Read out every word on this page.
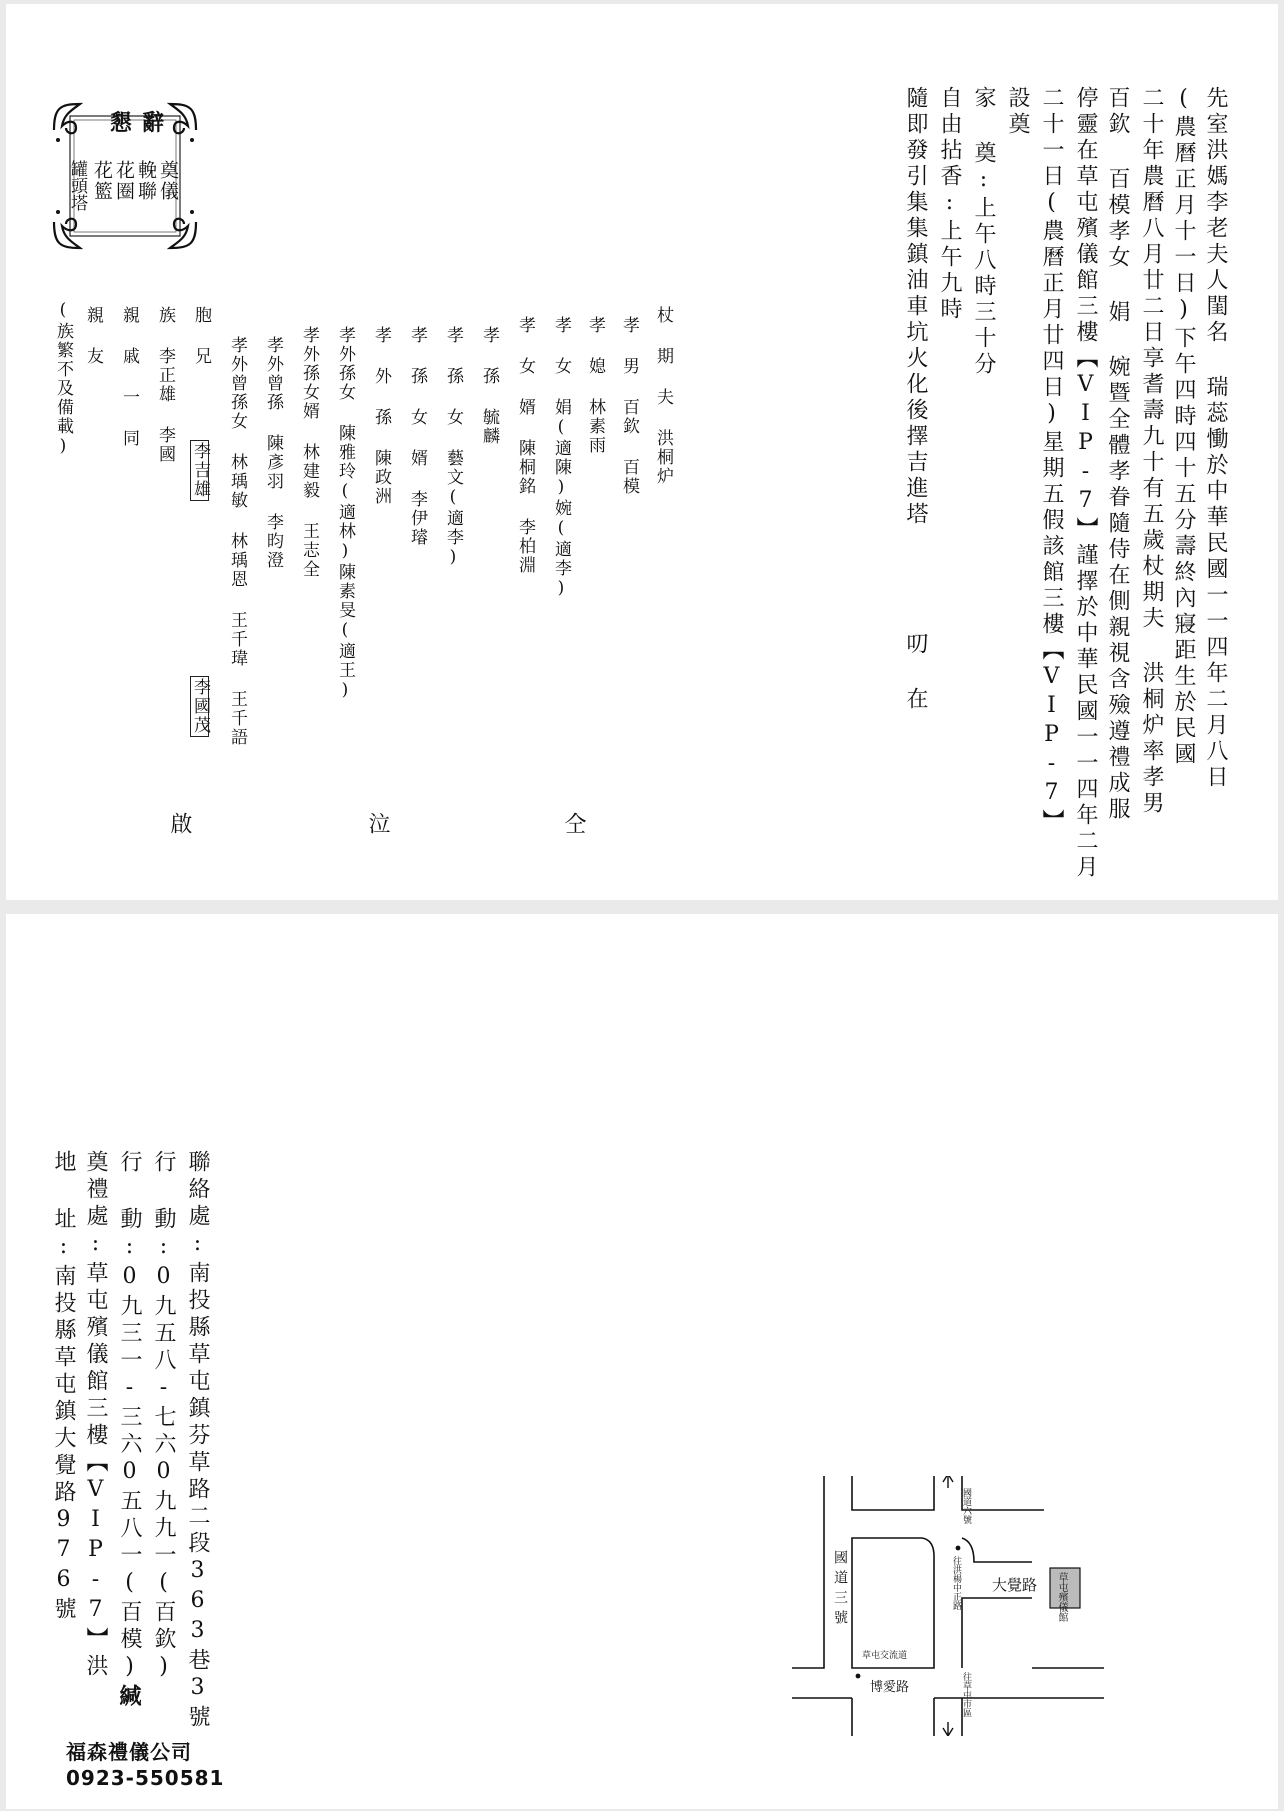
懇辭
奠儀
輓聯
花圈
花籃
罐頭塔	先室洪媽李老夫人閨名 瑞蕊慟於中華民國一一四年二月八日
(農曆正月十一日)下午四時四十五分壽終內寢距生於民國
二十年農曆八月廿二日享耆壽九十有五歲杖期夫 洪桐炉率孝男
百欽 百模孝女 娟 婉暨全體孝眷隨侍在側親視含殮遵禮成服
停靈在草屯殯儀館三樓【VIP-7】謹擇於中華民國一一四年二月
二十一日(農曆正月廿四日)星期五假該館三樓【VIP-7】
設奠
家 奠:上午八時三十分
自由拈香:上午九時
隨即發引集集鎮油車坑火化後擇吉進塔
叨 在
杖 期 夫 洪桐炉
孝 男 百欽 百模
孝 媳 林素雨
孝 女 娟(適陳)婉(適李)
孝 女 婿 陳桐銘 李柏淵
孝 孫 毓麟
孝 孫 女 藝文(適李)
孝 孫 女 婿 李伊璿
孝 外 孫 陳政洲
孝外孫女 陳雅玲(適林)陳素旻(適王)
孝外孫女婿 林建毅 王志全
孝外曾孫 陳彥羽 李昀澄
孝外曾孫女 林瑀敏 林瑀恩 王千瑋 王千語
胞 兄
李吉雄
族 李正雄 李國
李國茂
親 戚 一 同
親 友
(族繁不及備載)
仝
泣
啟
聯絡處:南投縣草屯鎮芬草路二段363巷3號
行 動:0九五八-七六0九九一(百欽)
行 動:0九三一-三六0五八一(百模)
奠禮處:草屯殯儀館三樓【VIP-7】洪
地 址:南投縣草屯鎮大覺路976號
緘
福森禮儀公司
0923-550581
國道三號	大覺路
博愛路
草屯殯儀館
國道六號
往洪楊中正路
往草屯市區
草屯交流道
